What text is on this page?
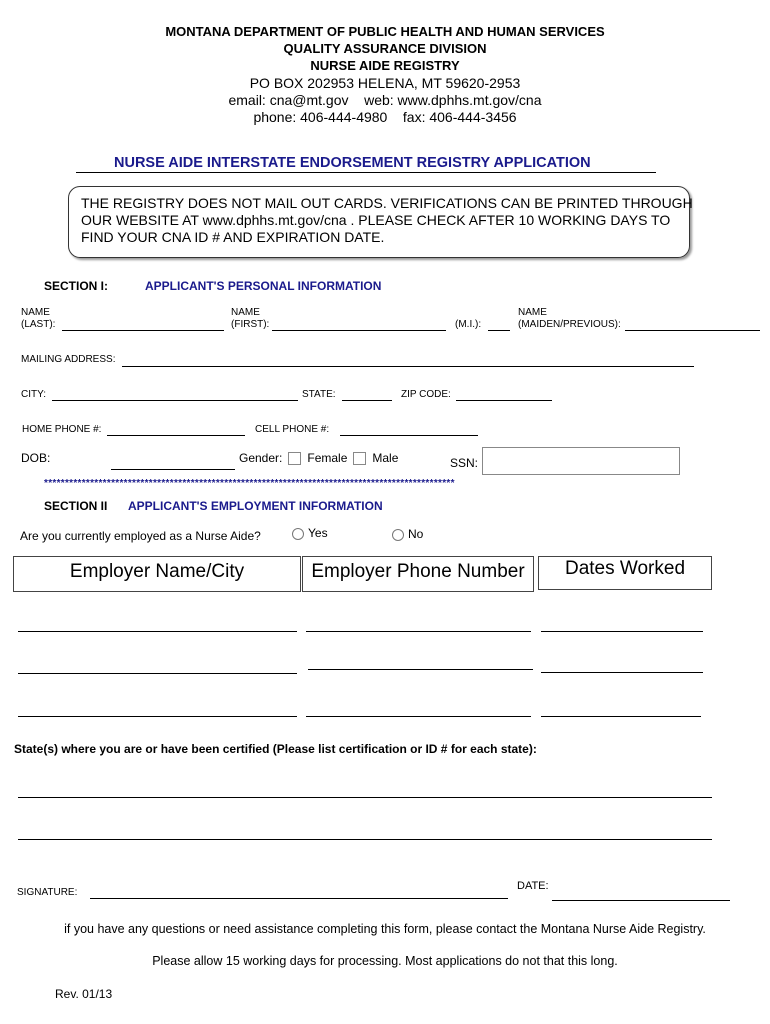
MONTANA DEPARTMENT OF PUBLIC HEALTH AND HUMAN SERVICES
QUALITY ASSURANCE DIVISION
NURSE AIDE REGISTRY
PO BOX 202953 HELENA, MT 59620-2953
email: cna@mt.gov web: www.dphhs.mt.gov/cna
phone: 406-444-4980 fax: 406-444-3456
NURSE AIDE INTERSTATE ENDORSEMENT REGISTRY APPLICATION
THE REGISTRY DOES NOT MAIL OUT CARDS. VERIFICATIONS CAN BE PRINTED THROUGH
OUR WEBSITE AT www.dphhs.mt.gov/cna . PLEASE CHECK AFTER 10 WORKING DAYS TO
FIND YOUR CNA ID # AND EXPIRATION DATE.
SECTION I:	APPLICANT'S PERSONAL INFORMATION
NAME
(LAST):
NAME
(FIRST):	(M.I.):
NAME
(MAIDEN/PREVIOUS):
MAILING ADDRESS:
CITY:	STATE:	ZIP CODE:
HOME PHONE #:	CELL PHONE #:
DOB:	Gender: Female Male	SSN:
**************************************************************************************************
SECTION II APPLICANT'S EMPLOYMENT INFORMATION
Are you currently employed as a Nurse Aide?	Yes	No
Employer Name/City	Employer Phone Number	Dates Worked
State(s) where you are or have been certified (Please list certification or ID # for each state):
SIGNATURE:
DATE:
if you have any questions or need assistance completing this form, please contact the Montana Nurse Aide Registry.
Please allow 15 working days for processing. Most applications do not that this long.
Rev. 01/13
